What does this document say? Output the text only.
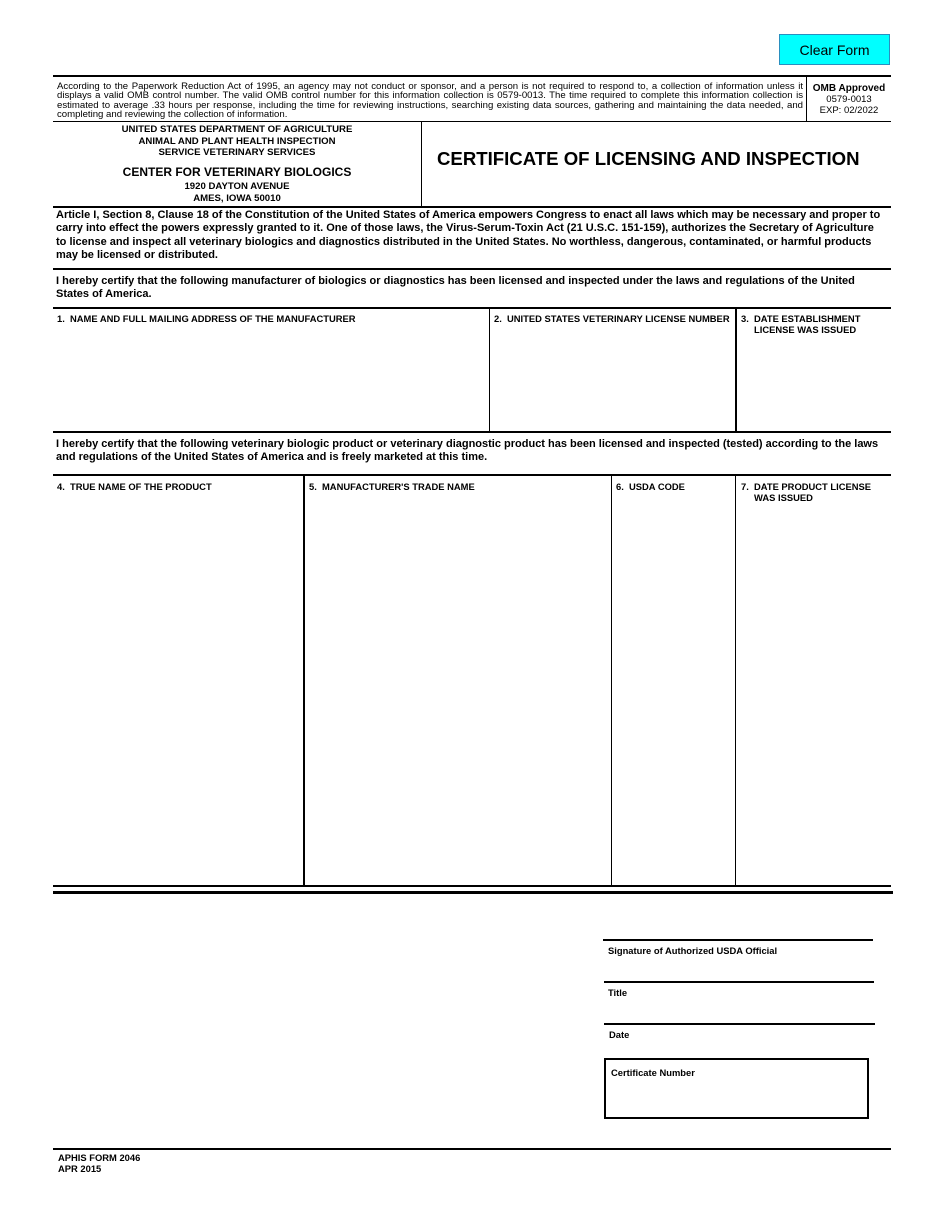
Clear Form
According to the Paperwork Reduction Act of 1995, an agency may not conduct or sponsor, and a person is not required to respond to, a collection of information unless it displays a valid OMB control number. The valid OMB control number for this information collection is 0579-0013. The time required to complete this information collection is estimated to average .33 hours per response, including the time for reviewing instructions, searching existing data sources, gathering and maintaining the data needed, and completing and reviewing the collection of information.
OMB Approved
0579-0013
EXP: 02/2022
UNITED STATES DEPARTMENT OF AGRICULTURE
ANIMAL AND PLANT HEALTH INSPECTION
SERVICE VETERINARY SERVICES
CENTER FOR VETERINARY BIOLOGICS
1920 DAYTON AVENUE
AMES, IOWA 50010
CERTIFICATE OF LICENSING AND INSPECTION
Article I, Section 8, Clause 18 of the Constitution of the United States of America empowers Congress to enact all laws which may be necessary and proper to carry into effect the powers expressly granted to it. One of those laws, the Virus-Serum-Toxin Act (21 U.S.C. 151-159), authorizes the Secretary of Agriculture to license and inspect all veterinary biologics and diagnostics distributed in the United States. No worthless, dangerous, contaminated, or harmful products may be licensed or distributed.
I hereby certify that the following manufacturer of biologics or diagnostics has been licensed and inspected under the laws and regulations of the United States of America.
1. NAME AND FULL MAILING ADDRESS OF THE MANUFACTURER	2. UNITED STATES VETERINARY LICENSE NUMBER 3. DATE ESTABLISHMENT
LICENSE WAS ISSUED
I hereby certify that the following veterinary biologic product or veterinary diagnostic product has been licensed and inspected (tested) according to the laws and regulations of the United States of America and is freely marketed at this time.
4. TRUE NAME OF THE PRODUCT	5. MANUFACTURER'S TRADE NAME	6. USDA CODE	7. DATE PRODUCT LICENSE
WAS ISSUED
Signature of Authorized USDA Official
Title
Date
Certificate Number
APHIS FORM 2046
APR 2015
